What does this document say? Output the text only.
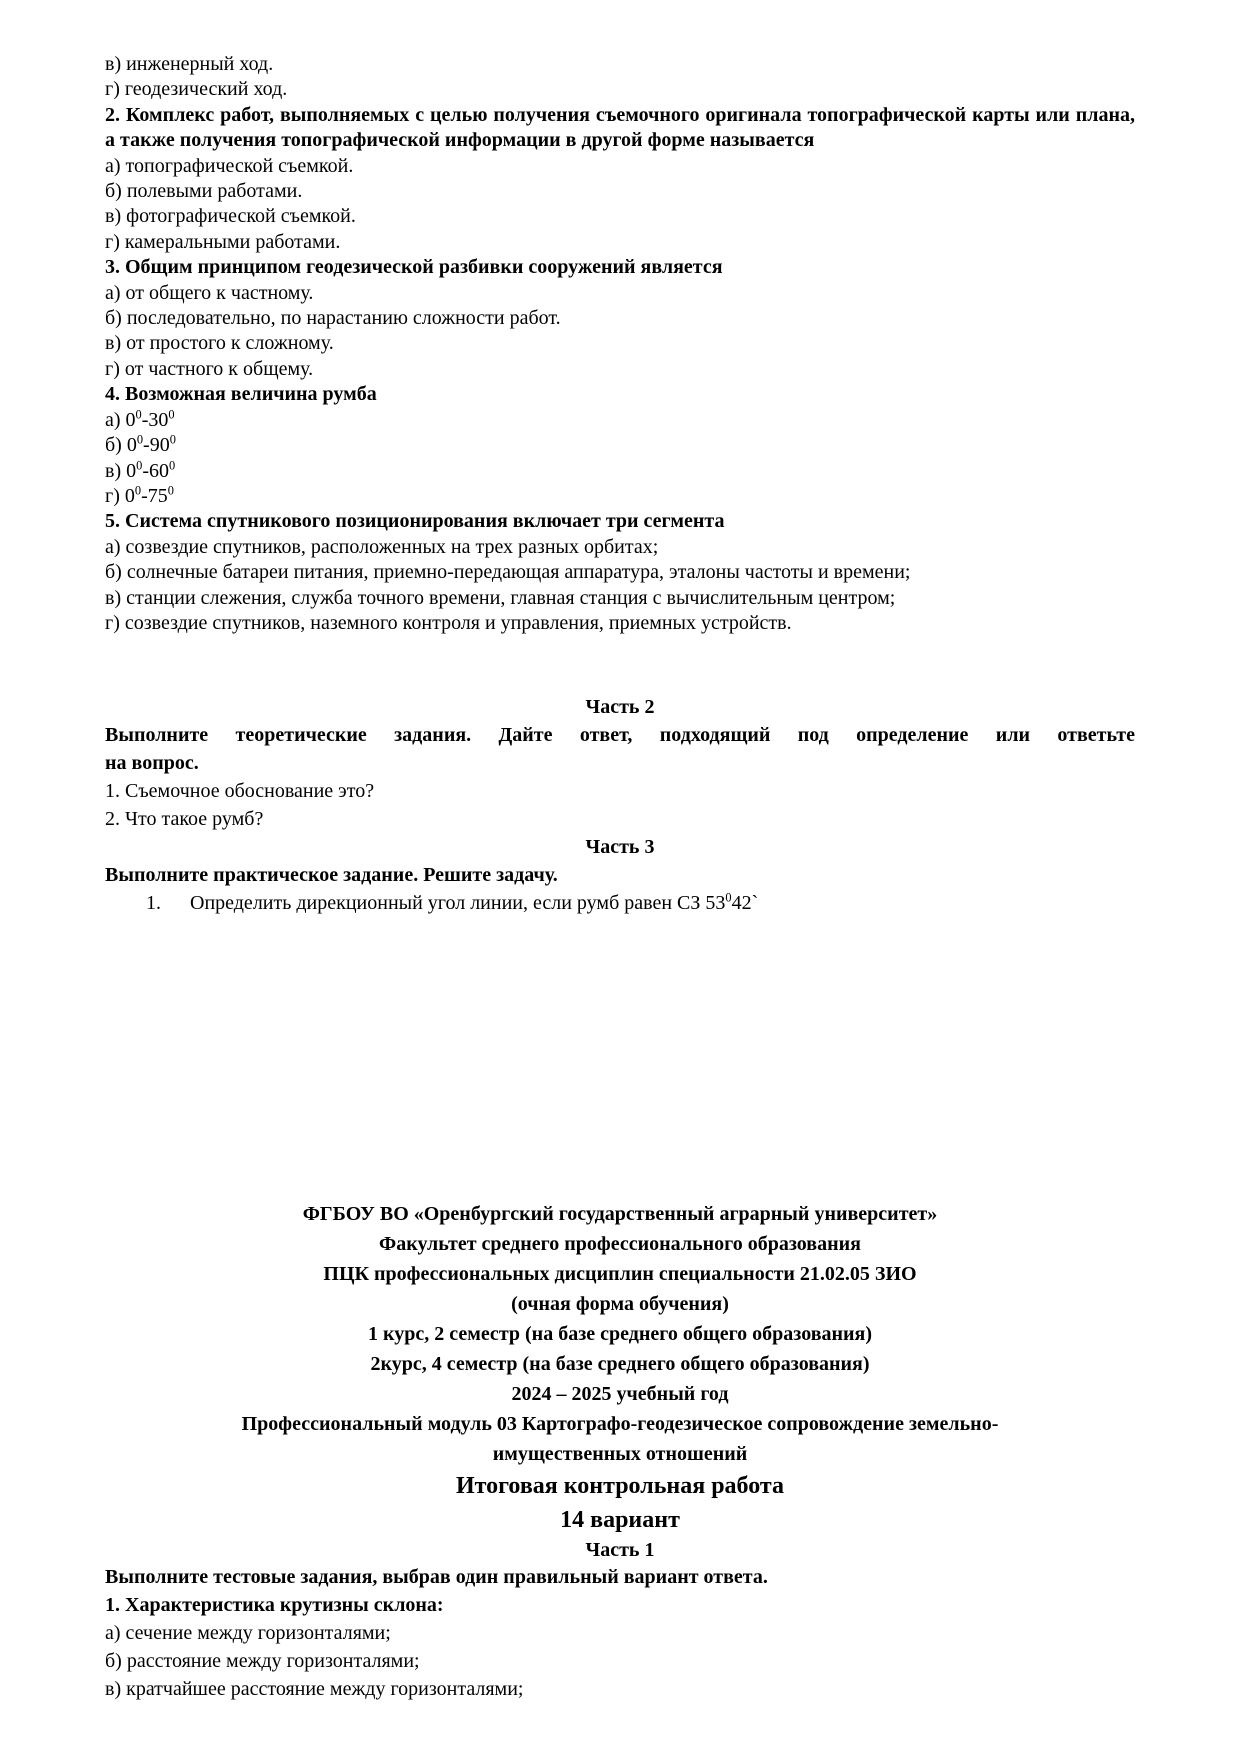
в) инженерный ход.
г) геодезический ход.
2. Комплекс работ, выполняемых с целью получения съемочного оригинала топографической карты или плана,
а также получения топографической информации в другой форме называется
а) топографической съемкой.
б) полевыми работами.
в) фотографической съемкой.
г) камеральными работами.
3. Общим принципом геодезической разбивки сооружений является
а) от общего к частному.
б) последовательно, по нарастанию сложности работ.
в) от простого к сложному.
г) от частного к общему.
4. Возможная величина румба
а) $0^0-30^0$
б) $0^0-90^0$
в) $0^0-60^0$
г) $0^0-75^0$
5. Система спутникового позиционирования включает три сегмента
а) созвездие спутников, расположенных на трех разных орбитах;
б) солнечные батареи питания, приемно-передающая аппаратура, эталоны частоты и времени;
в) станции слежения, служба точного времени, главная станция с вычислительным центром;
г) созвездие спутников, наземного контроля и управления, приемных устройств.
Часть 2
Выполните теоретические задания. Дайте ответ, подходящий под определение или ответьте
на вопрос.
1. Съемочное обоснование это?
2. Что такое румб?
Часть 3
Выполните практическое задание. Решите задачу.
1. Определить дирекционный угол линии, если румб равен СЗ $53^042`$
ФГБОУ ВО «Оренбургский государственный аграрный университет»
Факультет среднего профессионального образования
ПЦК профессиональных дисциплин специальности 21.02.05 ЗИО
(очная форма обучения)
1 курс, 2 семестр (на базе среднего общего образования)
2курс, 4 семестр (на базе среднего общего образования)
2024 – 2025 учебный год
Профессиональный модуль 03 Картографо-геодезическое сопровождение земельно-
имущественных отношений
Итоговая контрольная работа
14 вариант
Часть 1
Выполните тестовые задания, выбрав один правильный вариант ответа.
1. Характеристика крутизны склона:
а) сечение между горизонталями;
б) расстояние между горизонталями;
в) кратчайшее расстояние между горизонталями;
